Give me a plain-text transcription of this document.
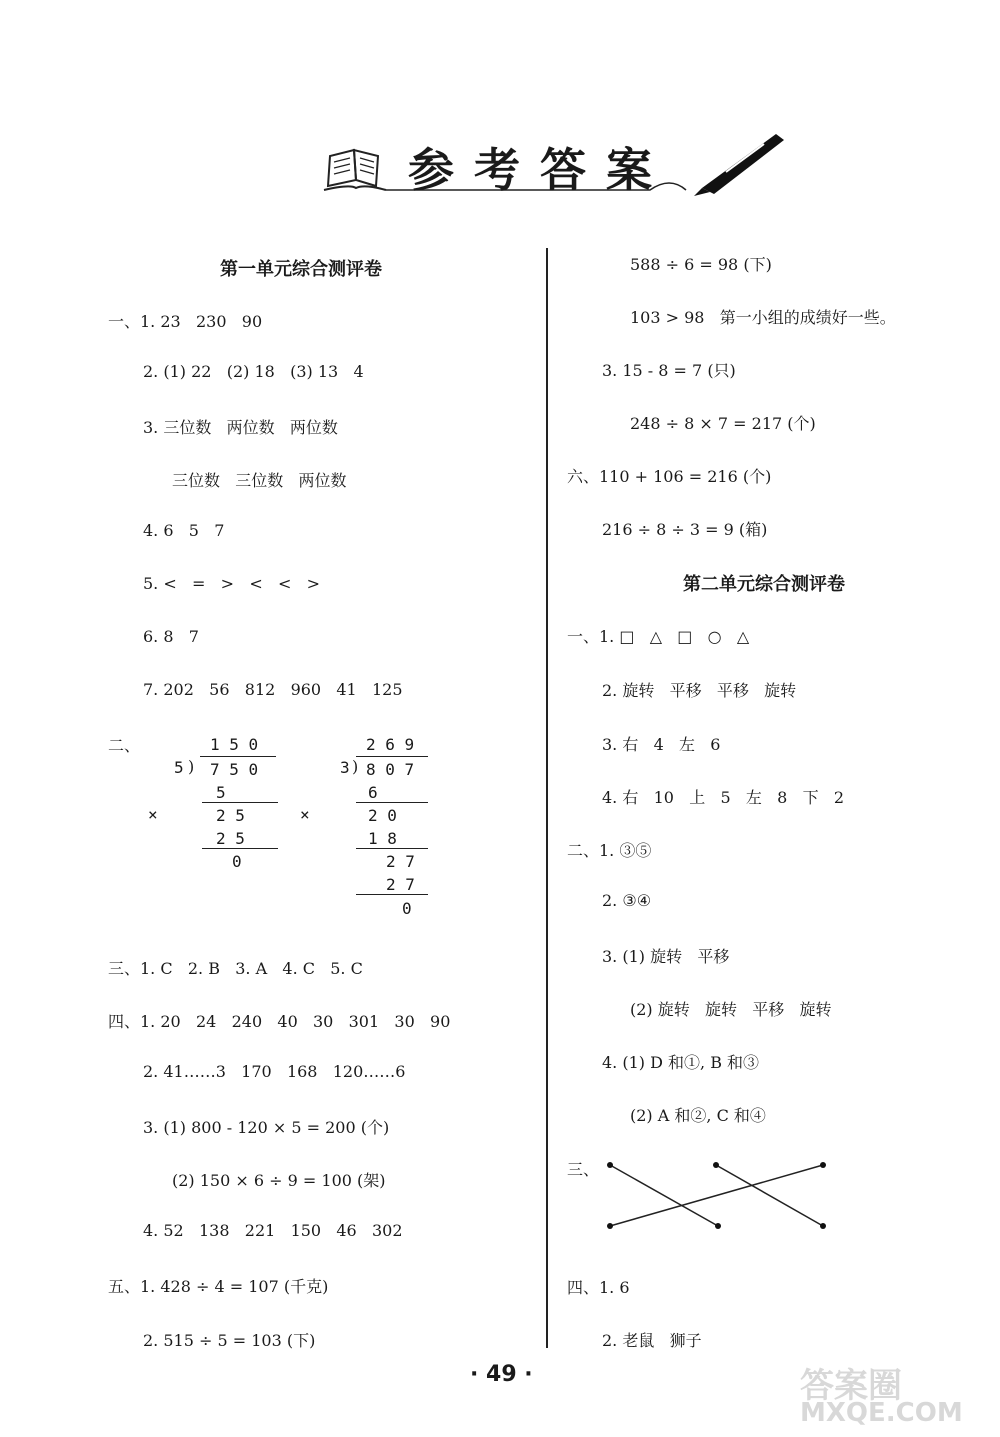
参考答案
第一单元综合测评卷
一、1. 23   230   90
2. (1) 22   (2) 18   (3) 13   4
3. 三位数   两位数   两位数
三位数   三位数   两位数
4. 6   5   7
5. <   =   >   <   <   >
6. 8   7
7. 202   56   812   960   41   125
二、
×
1 5 0
5 ) 7 5 0
5
2 5
2 5
0
×
2 6 9
3 ) 8 0 7
6
2 0
1 8
2 7
2 7
0
三、1. C   2. B   3. A   4. C   5. C
四、1. 20   24   240   40   30   301   30   90
2. 41……3   170   168   120……6
3. (1) 800 - 120 × 5 = 200 (个)
(2) 150 × 6 ÷ 9 = 100 (架)
4. 52   138   221   150   46   302
五、1. 428 ÷ 4 = 107 (千克)
2. 515 ÷ 5 = 103 (下)
588 ÷ 6 = 98 (下)
103 > 98   第一小组的成绩好一些。
3. 15 - 8 = 7 (只)
248 ÷ 8 × 7 = 217 (个)
六、110 + 106 = 216 (个)
216 ÷ 8 ÷ 3 = 9 (箱)
第二单元综合测评卷
一、1. □   △   □   ○   △
2. 旋转   平移   平移   旋转
3. 右   4   左   6
4. 右   10   上   5   左   8   下   2
二、1. ③⑤
2. ③④
3. (1) 旋转   平移
(2) 旋转   旋转   平移   旋转
4. (1) D 和①, B 和③
(2) A 和②, C 和④
三、
四、1. 6
2. 老鼠   狮子
· 49 ·	答案圈
MXQE.COM
